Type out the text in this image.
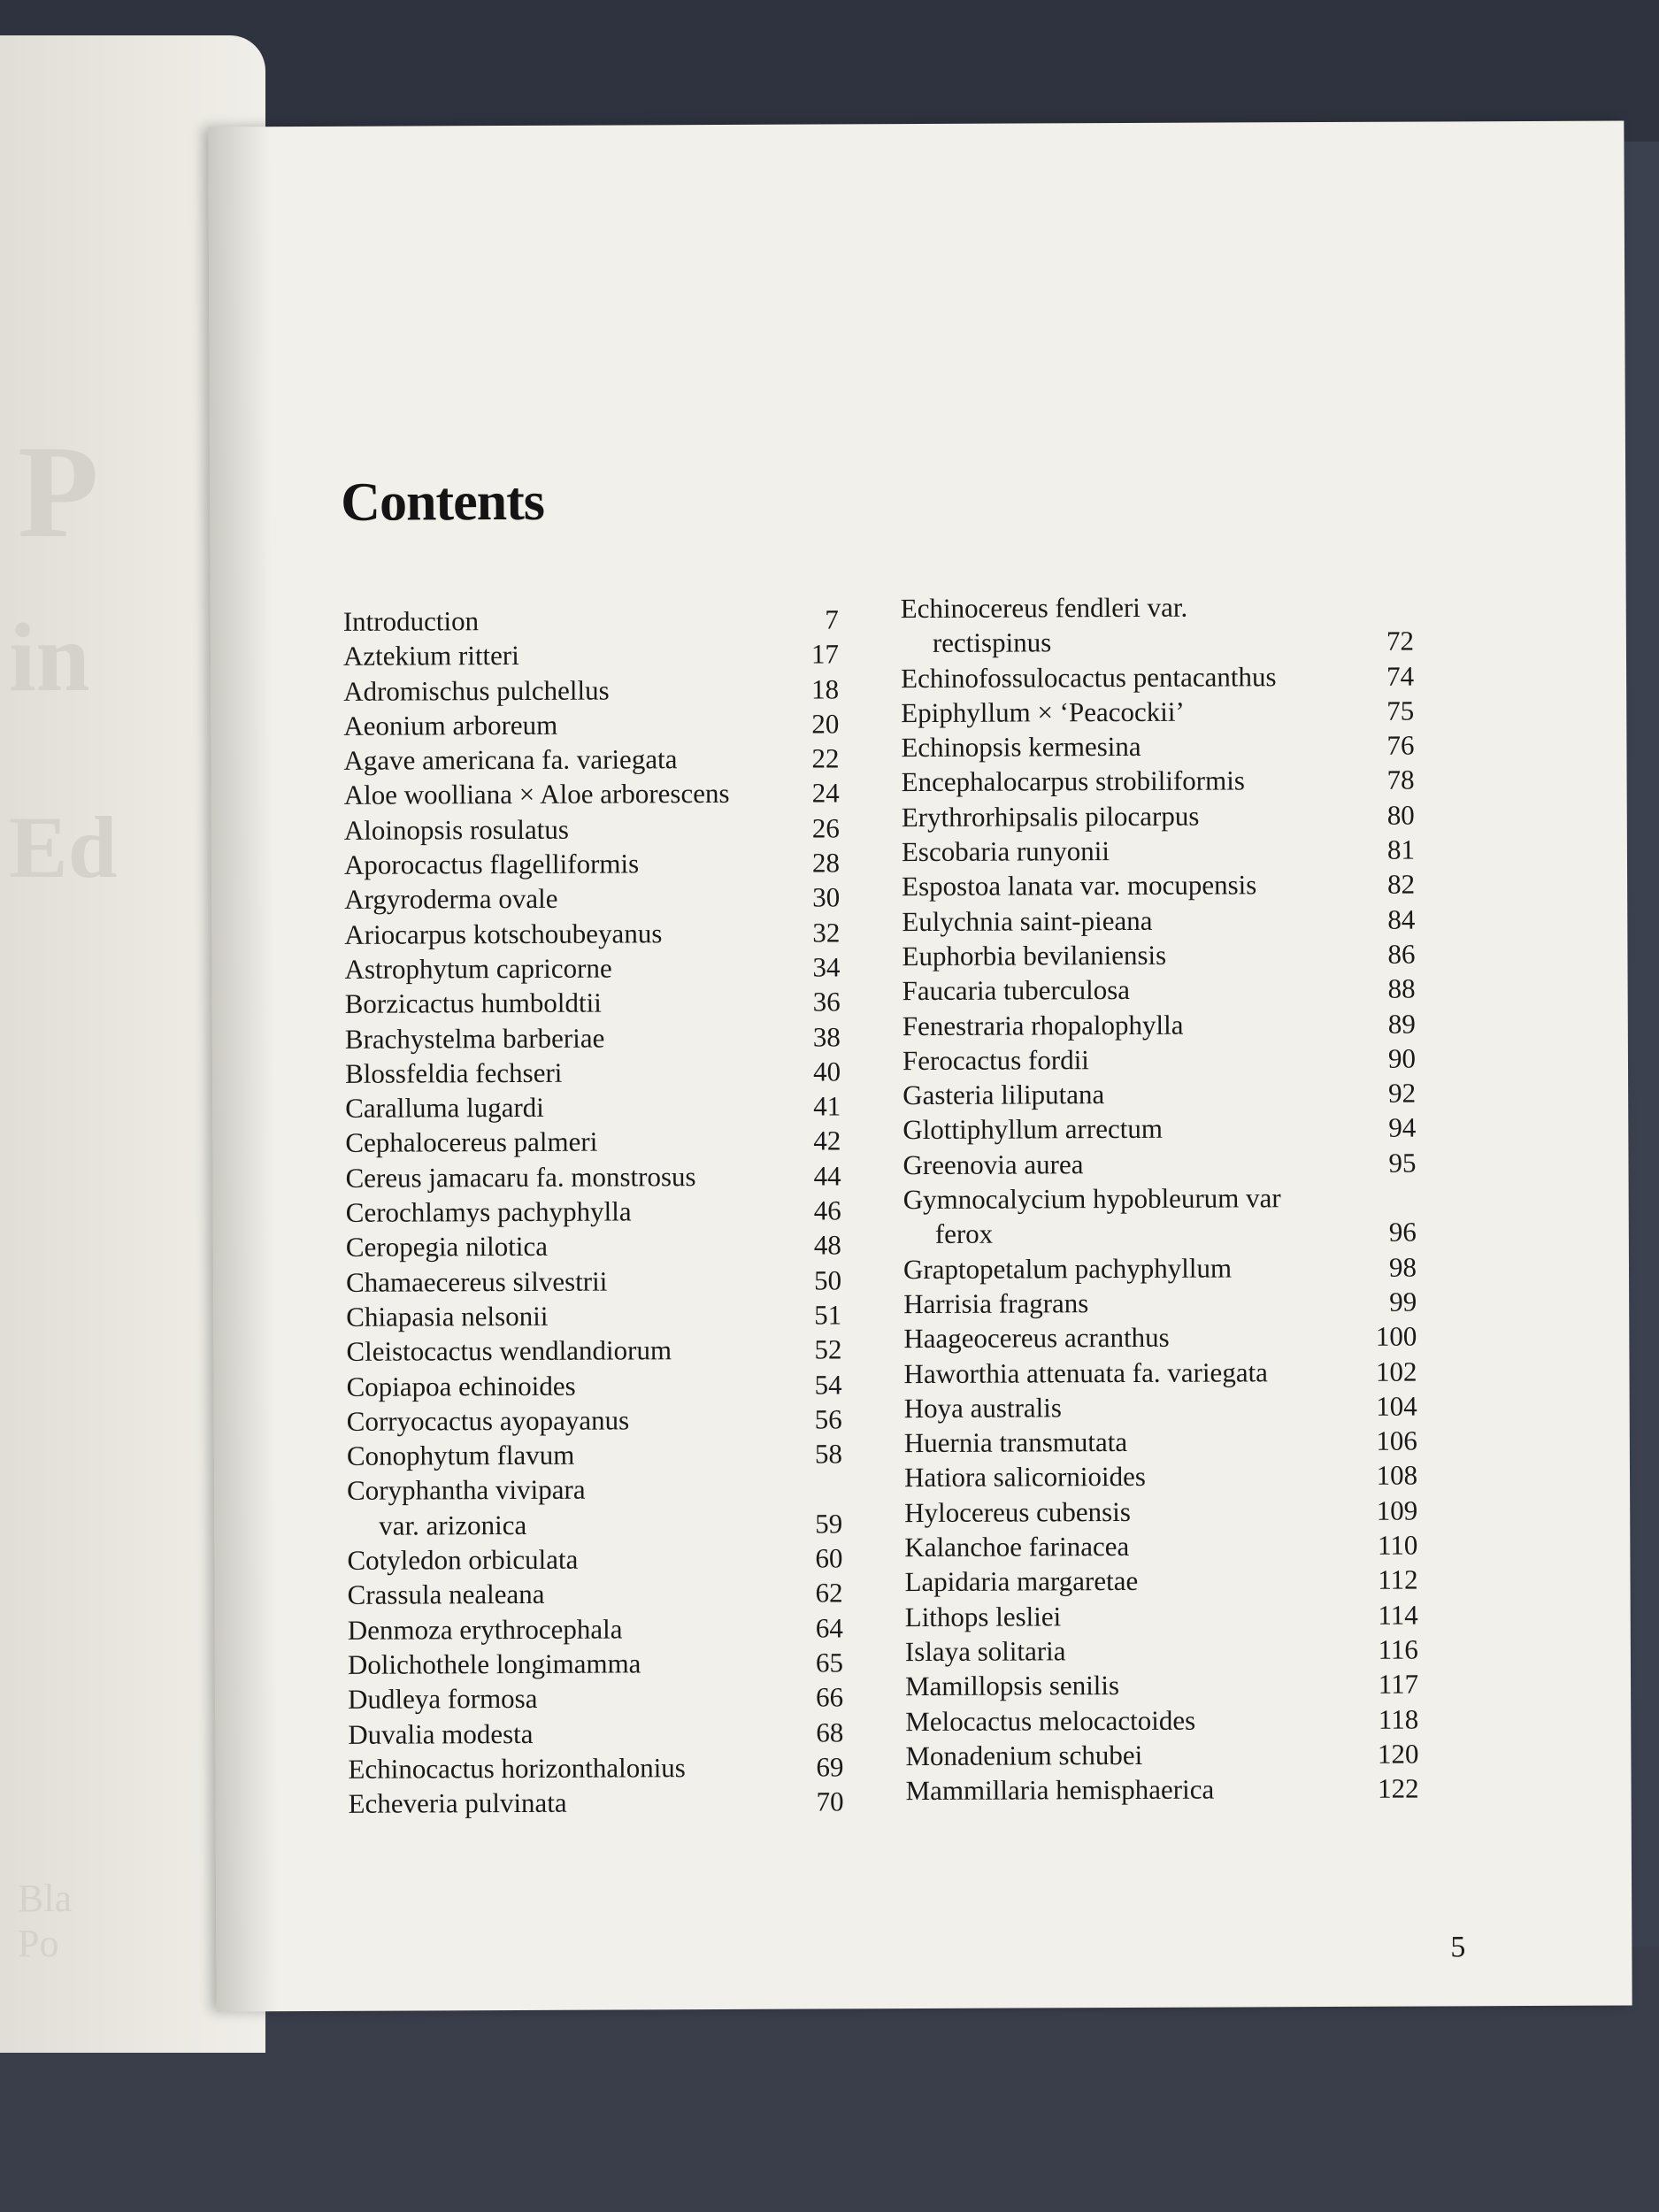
P
in
Ed
Bla
Po
Contents
Introduction	7
Aztekium ritteri	17
Adromischus pulchellus	18
Aeonium arboreum	20
Agave americana fa. variegata	22
Aloe woolliana × Aloe arborescens	24
Aloinopsis rosulatus	26
Aporocactus flagelliformis	28
Argyroderma ovale	30
Ariocarpus kotschoubeyanus	32
Astrophytum capricorne	34
Borzicactus humboldtii	36
Brachystelma barberiae	38
Blossfeldia fechseri	40
Caralluma lugardi	41
Cephalocereus palmeri	42
Cereus jamacaru fa. monstrosus	44
Cerochlamys pachyphylla	46
Ceropegia nilotica	48
Chamaecereus silvestrii	50
Chiapasia nelsonii	51
Cleistocactus wendlandiorum	52
Copiapoa echinoides	54
Corryocactus ayopayanus	56
Conophytum flavum	58
Coryphantha vivipara
var. arizonica	59
Cotyledon orbiculata	60
Crassula nealeana	62
Denmoza erythrocephala	64
Dolichothele longimamma	65
Dudleya formosa	66
Duvalia modesta	68
Echinocactus horizonthalonius	69
Echeveria pulvinata	70
Echinocereus fendleri var.
rectispinus	72
Echinofossulocactus pentacanthus	74
Epiphyllum × ‘Peacockii’	75
Echinopsis kermesina	76
Encephalocarpus strobiliformis	78
Erythrorhipsalis pilocarpus	80
Escobaria runyonii	81
Espostoa lanata var. mocupensis	82
Eulychnia saint-pieana	84
Euphorbia bevilaniensis	86
Faucaria tuberculosa	88
Fenestraria rhopalophylla	89
Ferocactus fordii	90
Gasteria liliputana	92
Glottiphyllum arrectum	94
Greenovia aurea	95
Gymnocalycium hypobleurum var
ferox	96
Graptopetalum pachyphyllum	98
Harrisia fragrans	99
Haageocereus acranthus	100
Haworthia attenuata fa. variegata	102
Hoya australis	104
Huernia transmutata	106
Hatiora salicornioides	108
Hylocereus cubensis	109
Kalanchoe farinacea	110
Lapidaria margaretae	112
Lithops lesliei	114
Islaya solitaria	116
Mamillopsis senilis	117
Melocactus melocactoides	118
Monadenium schubei	120
Mammillaria hemisphaerica	122
5
